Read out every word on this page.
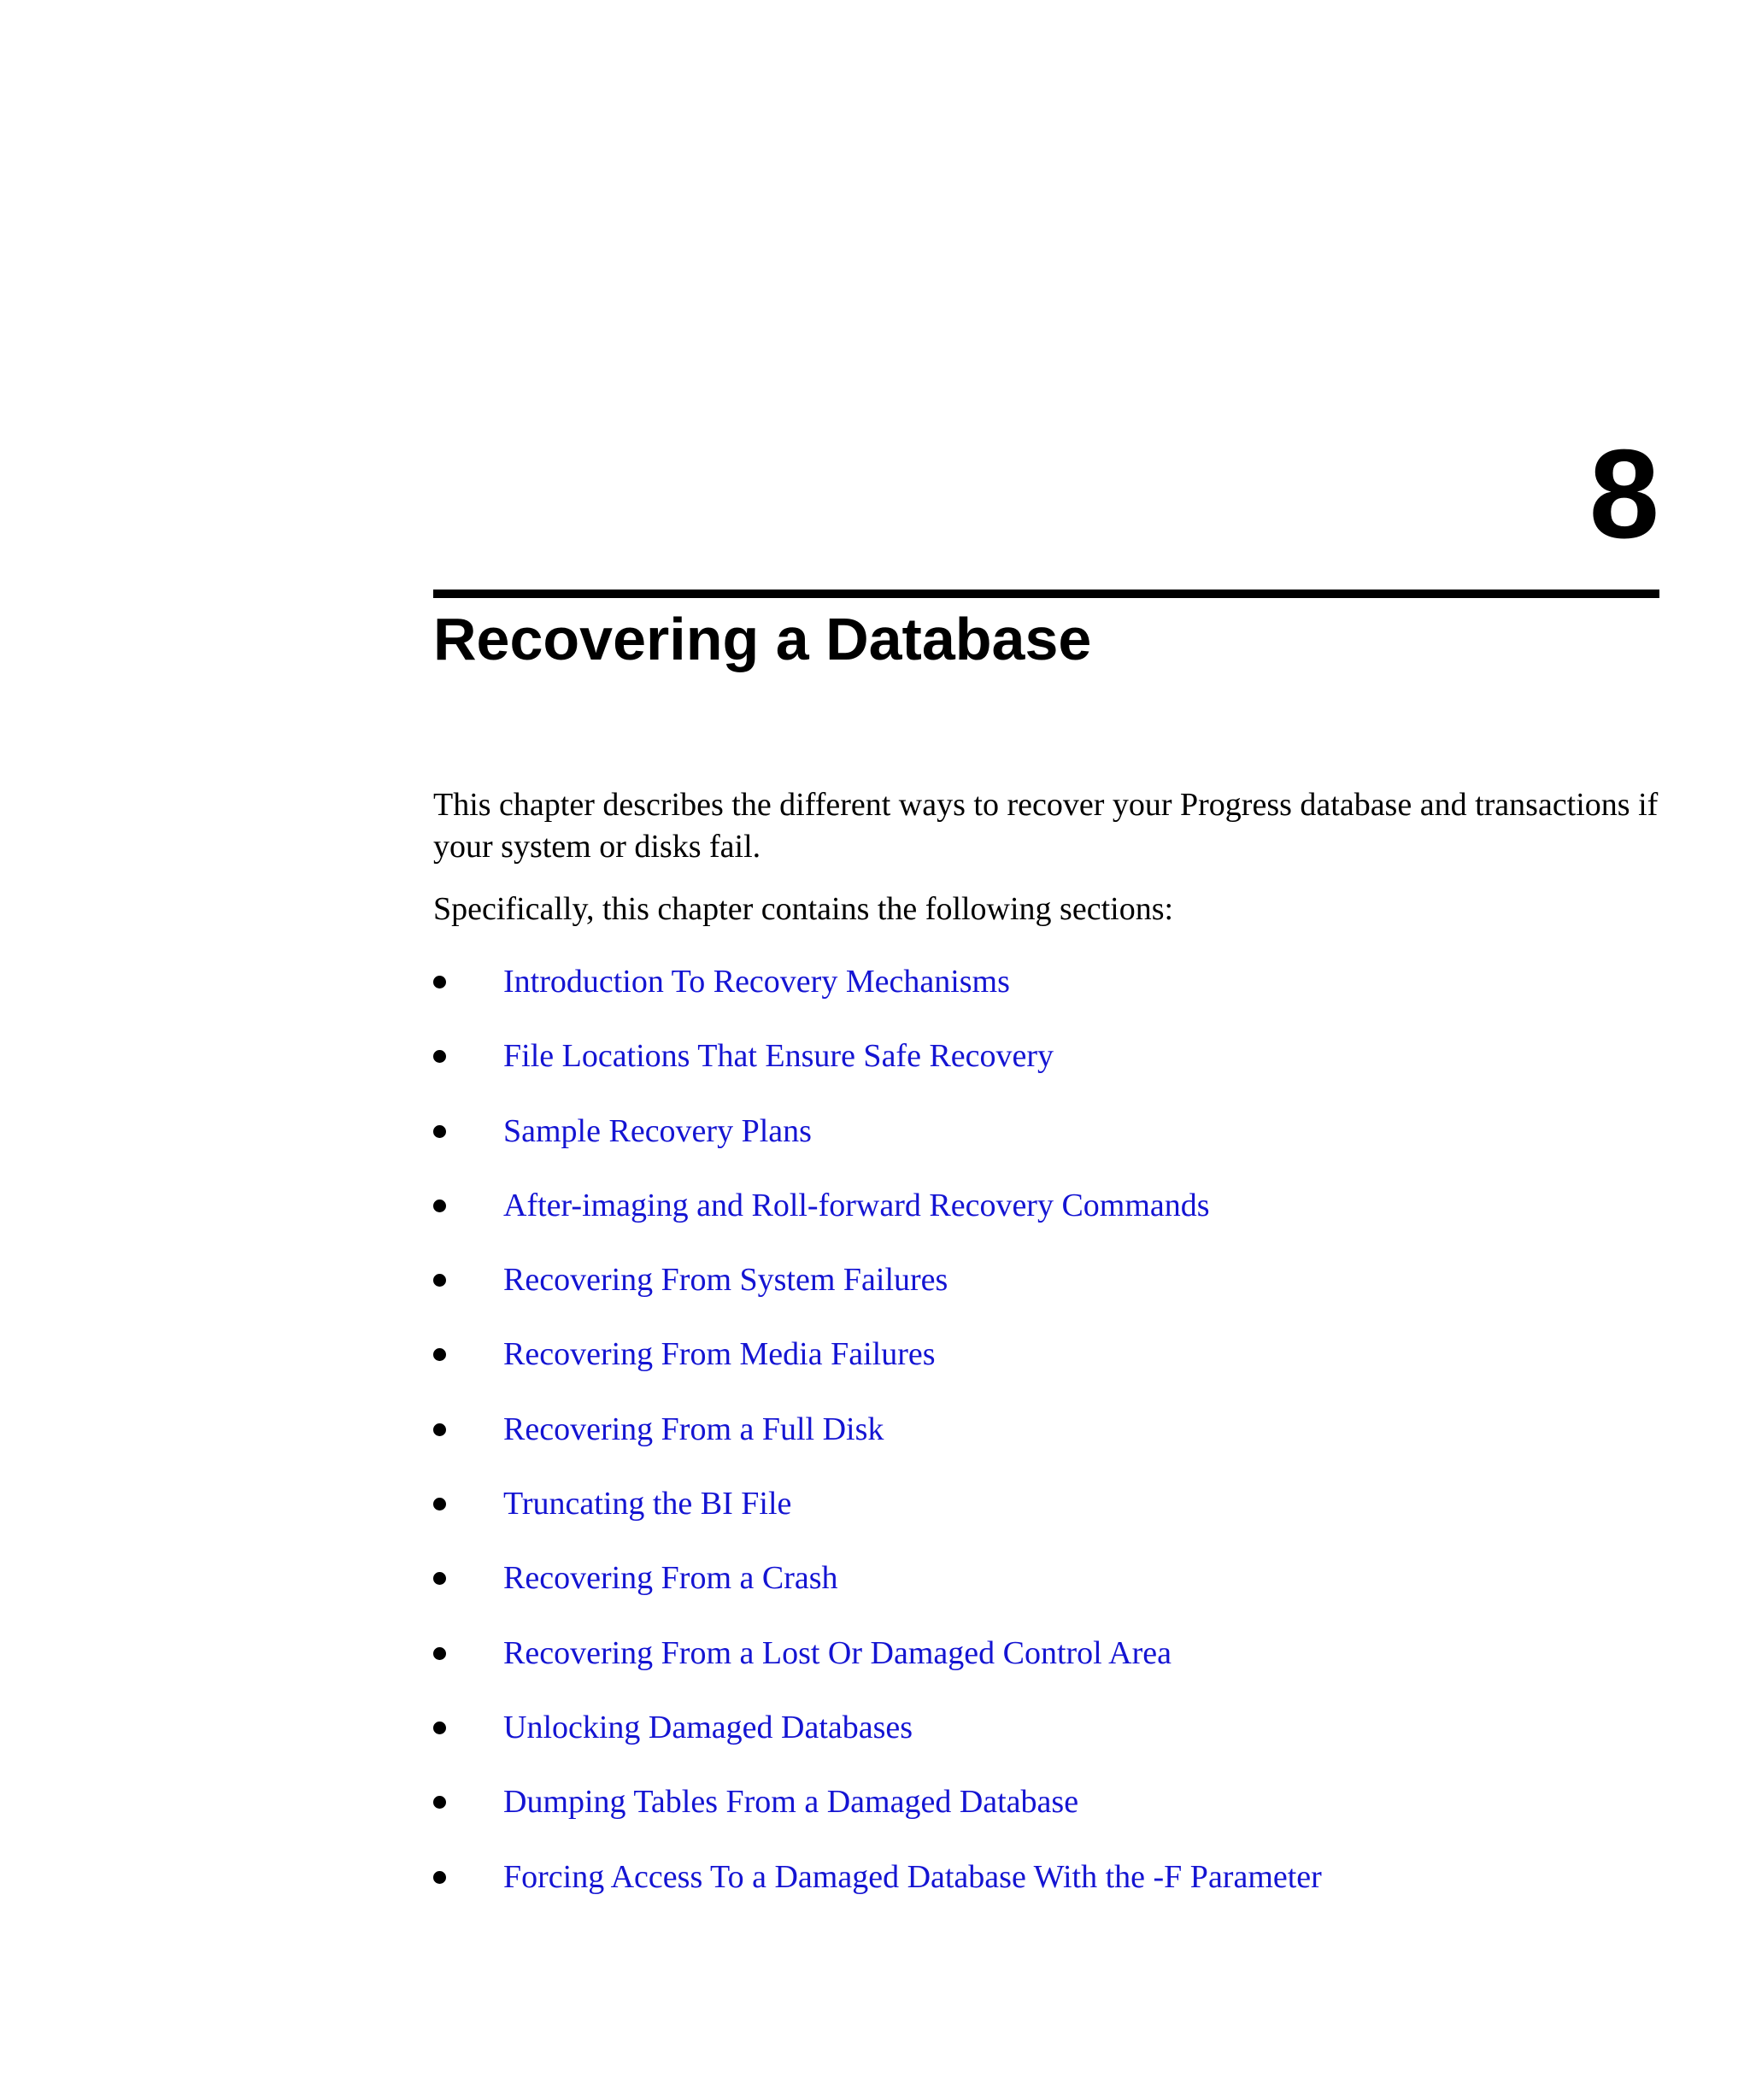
8
Recovering a Database

This chapter describes the different ways to recover your Progress database and transactions if your system or disks fail.

Specifically, this chapter contains the following sections:

Introduction To Recovery Mechanisms
File Locations That Ensure Safe Recovery
Sample Recovery Plans
After-imaging and Roll-forward Recovery Commands
Recovering From System Failures
Recovering From Media Failures
Recovering From a Full Disk
Truncating the BI File
Recovering From a Crash
Recovering From a Lost Or Damaged Control Area
Unlocking Damaged Databases
Dumping Tables From a Damaged Database
Forcing Access To a Damaged Database With the -F Parameter
